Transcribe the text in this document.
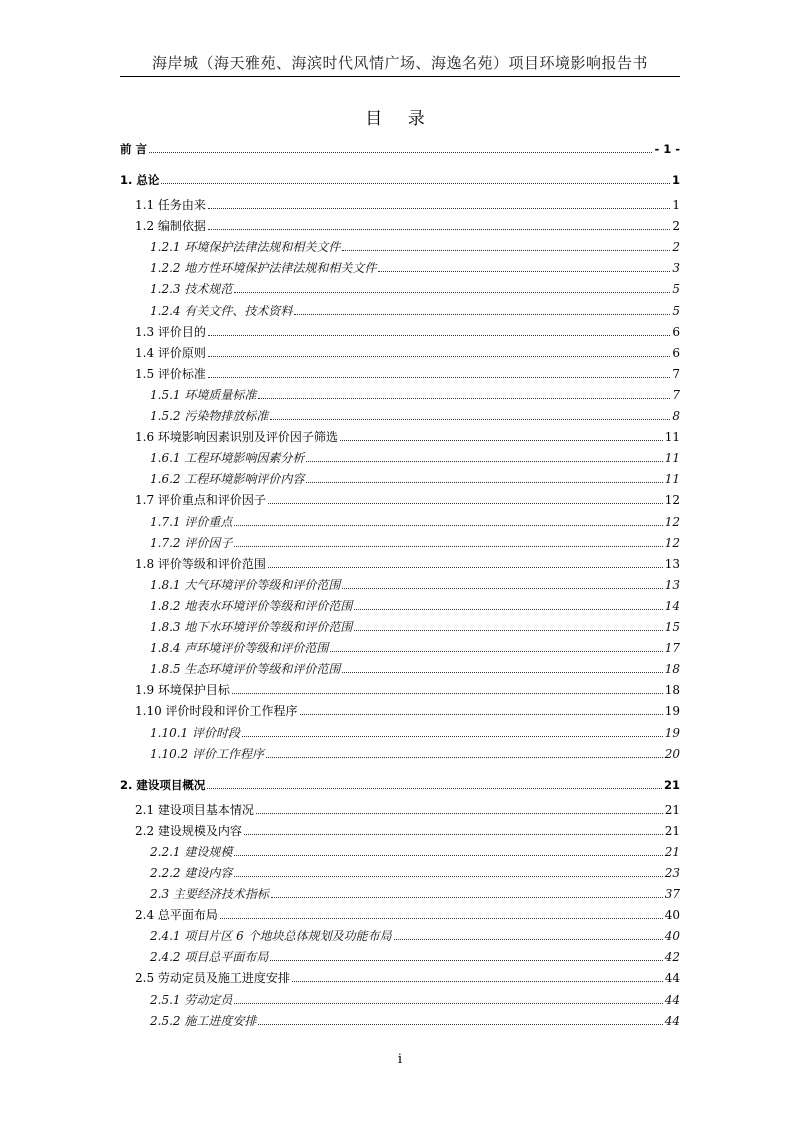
海岸城（海天雅苑、海滨时代风情广场、海逸名苑）项目环境影响报告书
目 录
前 言	- 1 -
1. 总论	1
1.1 任务由来	1
1.2 编制依据	2
1.2.1 环境保护法律法规和相关文件	2
1.2.2 地方性环境保护法律法规和相关文件	3
1.2.3 技术规范	5
1.2.4 有关文件、技术资料	5
1.3 评价目的	6
1.4 评价原则	6
1.5 评价标准	7
1.5.1 环境质量标准	7
1.5.2 污染物排放标准	8
1.6 环境影响因素识别及评价因子筛选	11
1.6.1 工程环境影响因素分析	11
1.6.2 工程环境影响评价内容	11
1.7 评价重点和评价因子	12
1.7.1 评价重点	12
1.7.2 评价因子	12
1.8 评价等级和评价范围	13
1.8.1 大气环境评价等级和评价范围	13
1.8.2 地表水环境评价等级和评价范围	14
1.8.3 地下水环境评价等级和评价范围	15
1.8.4 声环境评价等级和评价范围	17
1.8.5 生态环境评价等级和评价范围	18
1.9 环境保护目标	18
1.10 评价时段和评价工作程序	19
1.10.1 评价时段	19
1.10.2 评价工作程序	20
2. 建设项目概况	21
2.1 建设项目基本情况	21
2.2 建设规模及内容	21
2.2.1 建设规模	21
2.2.2 建设内容	23
2.3 主要经济技术指标	37
2.4 总平面布局	40
2.4.1 项目片区 6 个地块总体规划及功能布局	40
2.4.2 项目总平面布局	42
2.5 劳动定员及施工进度安排	44
2.5.1 劳动定员	44
2.5.2 施工进度安排	44
i
